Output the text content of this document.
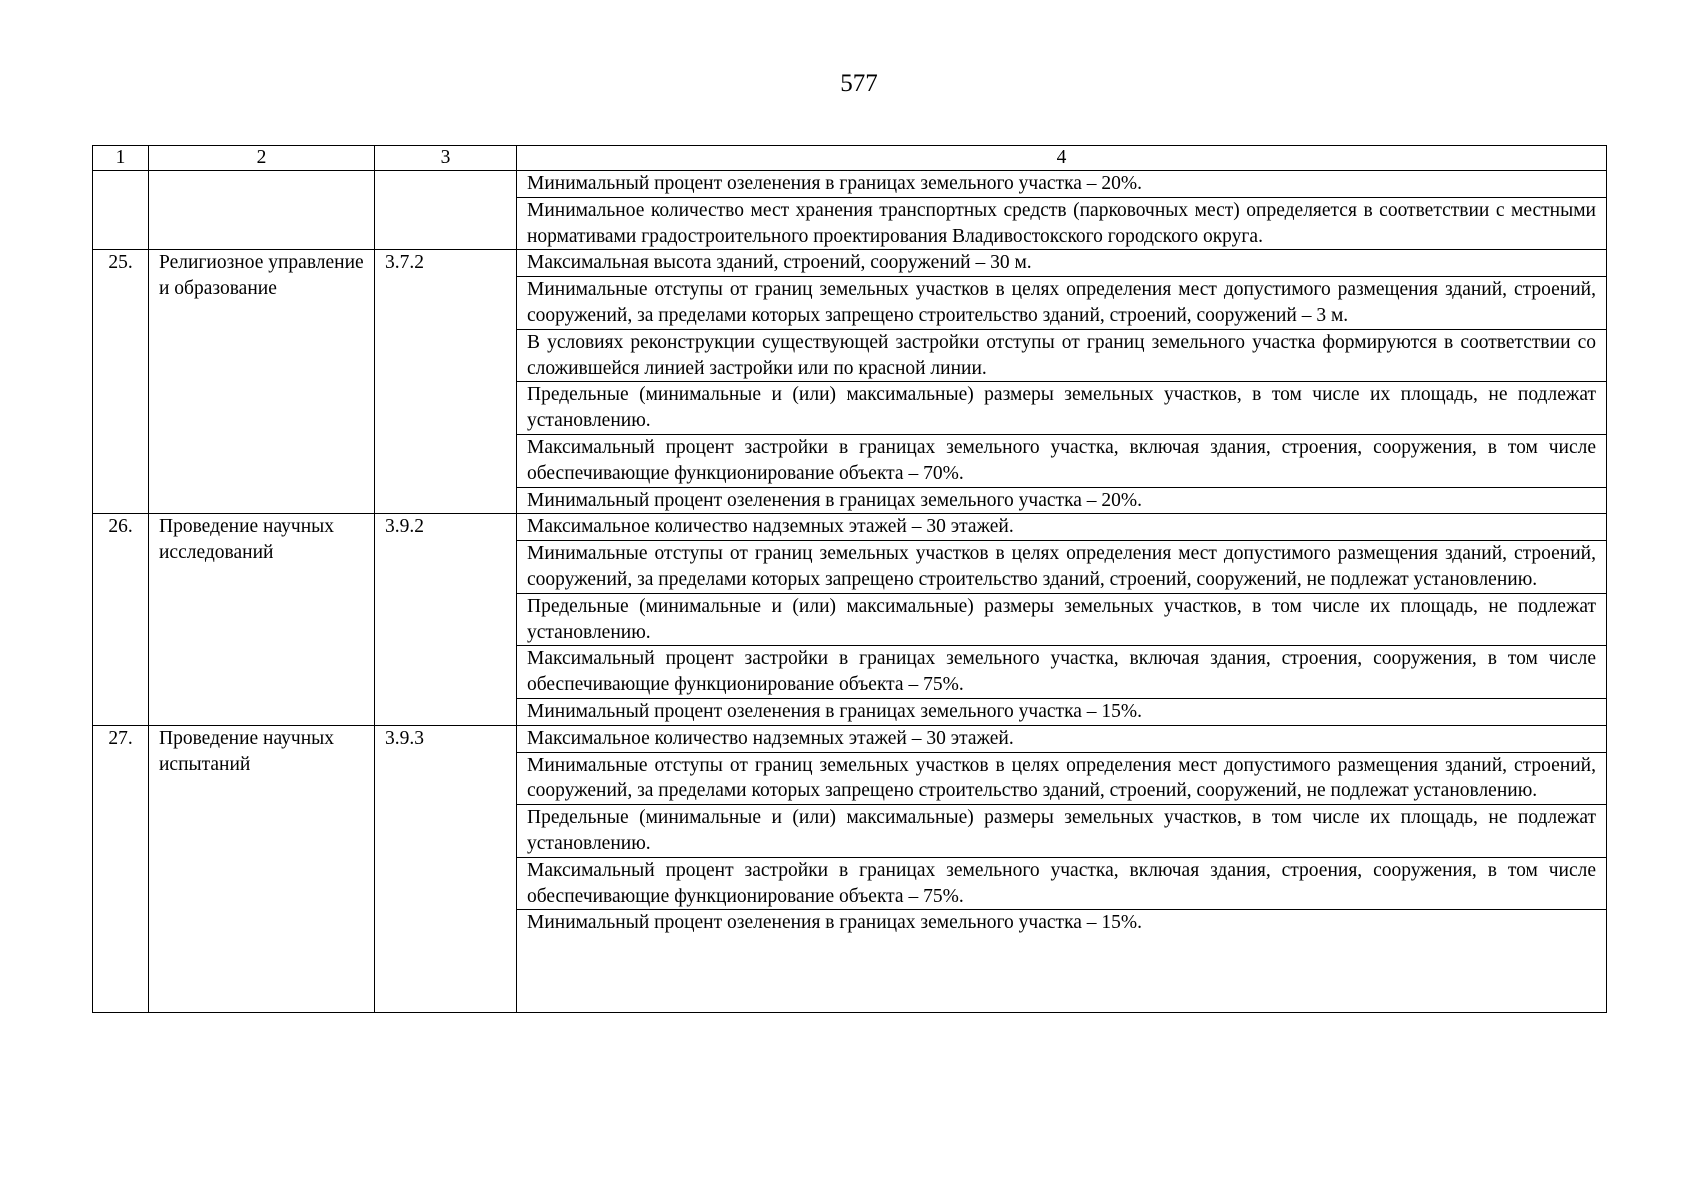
577
1	2	3	4
			Минимальный процент озеленения в границах земельного участка – 20%.
			Минимальное количество мест хранения транспортных средств (парковочных мест) определяется в соответствии с местными нормативами градостроительного проектирования Владивостокского городского округа.
25.	Религиозное управление и образование	3.7.2	Максимальная высота зданий, строений, сооружений – 30 м.
			Минимальные отступы от границ земельных участков в целях определения мест допустимого размещения зданий, строений, сооружений, за пределами которых запрещено строительство зданий, строений, сооружений – 3 м.
			В условиях реконструкции существующей застройки отступы от границ земельного участка формируются в соответствии со сложившейся линией застройки или по красной линии.
			Предельные (минимальные и (или) максимальные) размеры земельных участков, в том числе их площадь, не подлежат установлению.
			Максимальный процент застройки в границах земельного участка, включая здания, строения, сооружения, в том числе обеспечивающие функционирование объекта – 70%.
			Минимальный процент озеленения в границах земельного участка – 20%.
26.	Проведение научных исследований	3.9.2	Максимальное количество надземных этажей – 30 этажей.
			Минимальные отступы от границ земельных участков в целях определения мест допустимого размещения зданий, строений, сооружений, за пределами которых запрещено строительство зданий, строений, сооружений, не подлежат установлению.
			Предельные (минимальные и (или) максимальные) размеры земельных участков, в том числе их площадь, не подлежат установлению.
			Максимальный процент застройки в границах земельного участка, включая здания, строения, сооружения, в том числе обеспечивающие функционирование объекта – 75%.
			Минимальный процент озеленения в границах земельного участка – 15%.
27.	Проведение научных испытаний	3.9.3	Максимальное количество надземных этажей – 30 этажей.
			Минимальные отступы от границ земельных участков в целях определения мест допустимого размещения зданий, строений, сооружений, за пределами которых запрещено строительство зданий, строений, сооружений, не подлежат установлению.
			Предельные (минимальные и (или) максимальные) размеры земельных участков, в том числе их площадь, не подлежат установлению.
			Максимальный процент застройки в границах земельного участка, включая здания, строения, сооружения, в том числе обеспечивающие функционирование объекта – 75%.
			Минимальный процент озеленения в границах земельного участка – 15%.
